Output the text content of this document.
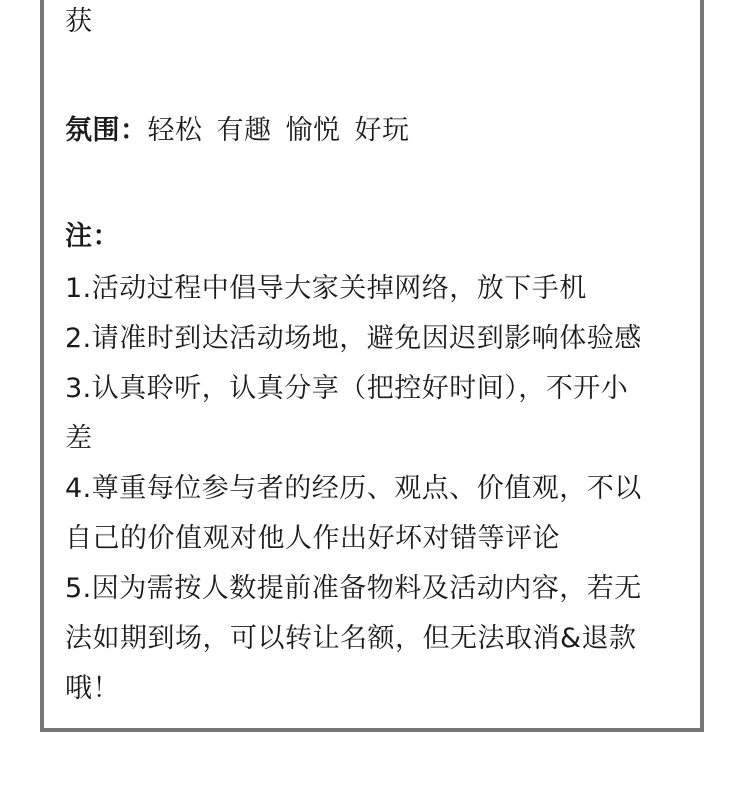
获
氛围：轻松 有趣 愉悦 好玩
注：
1.活动过程中倡导大家关掉网络，放下手机
2.请准时到达活动场地，避免因迟到影响体验感
3.认真聆听，认真分享（把控好时间），不开小
差
4.尊重每位参与者的经历、观点、价值观，不以
自己的价值观对他人作出好坏对错等评论
5.因为需按人数提前准备物料及活动内容，若无
法如期到场，可以转让名额，但无法取消&退款
哦！
